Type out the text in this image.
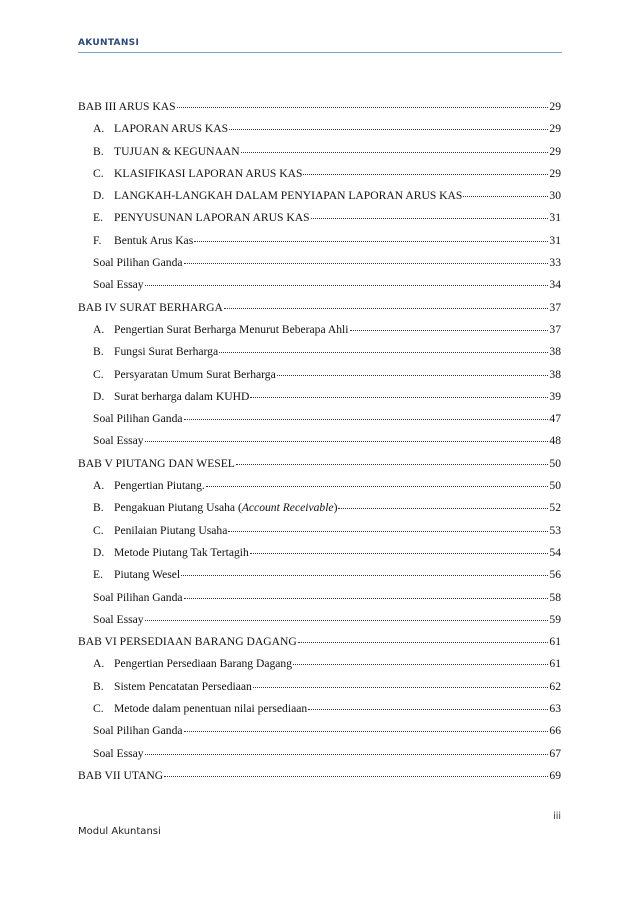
AKUNTANSI
BAB III ARUS KAS	29
A. LAPORAN ARUS KAS	29
B. TUJUAN & KEGUNAAN	29
C. KLASIFIKASI LAPORAN ARUS KAS	29
D. LANGKAH-LANGKAH DALAM PENYIAPAN LAPORAN ARUS KAS	30
E. PENYUSUNAN LAPORAN ARUS KAS	31
F.	Bentuk Arus Kas	31
Soal Pilihan Ganda	33
Soal Essay	34
BAB IV SURAT BERHARGA	37
A. Pengertian Surat Berharga Menurut Beberapa Ahli	37
B. Fungsi Surat Berharga	38
C. Persyaratan Umum Surat Berharga	38
D. Surat berharga dalam KUHD	39
Soal Pilihan Ganda	47
Soal Essay	48
BAB V PIUTANG DAN WESEL	50
A. Pengertian Piutang.	50
B. Pengakuan Piutang Usaha (Account Receivable)	52
C. Penilaian Piutang Usaha	53
D. Metode Piutang Tak Tertagih	54
E. Piutang Wesel	56
Soal Pilihan Ganda	58
Soal Essay	59
BAB VI PERSEDIAAN BARANG DAGANG	61
A. Pengertian Persediaan Barang Dagang	61
B. Sistem Pencatatan Persediaan	62
C. Metode dalam penentuan nilai persediaan	63
Soal Pilihan Ganda	66
Soal Essay	67
BAB VII UTANG	69
iii
Modul Akuntansi
